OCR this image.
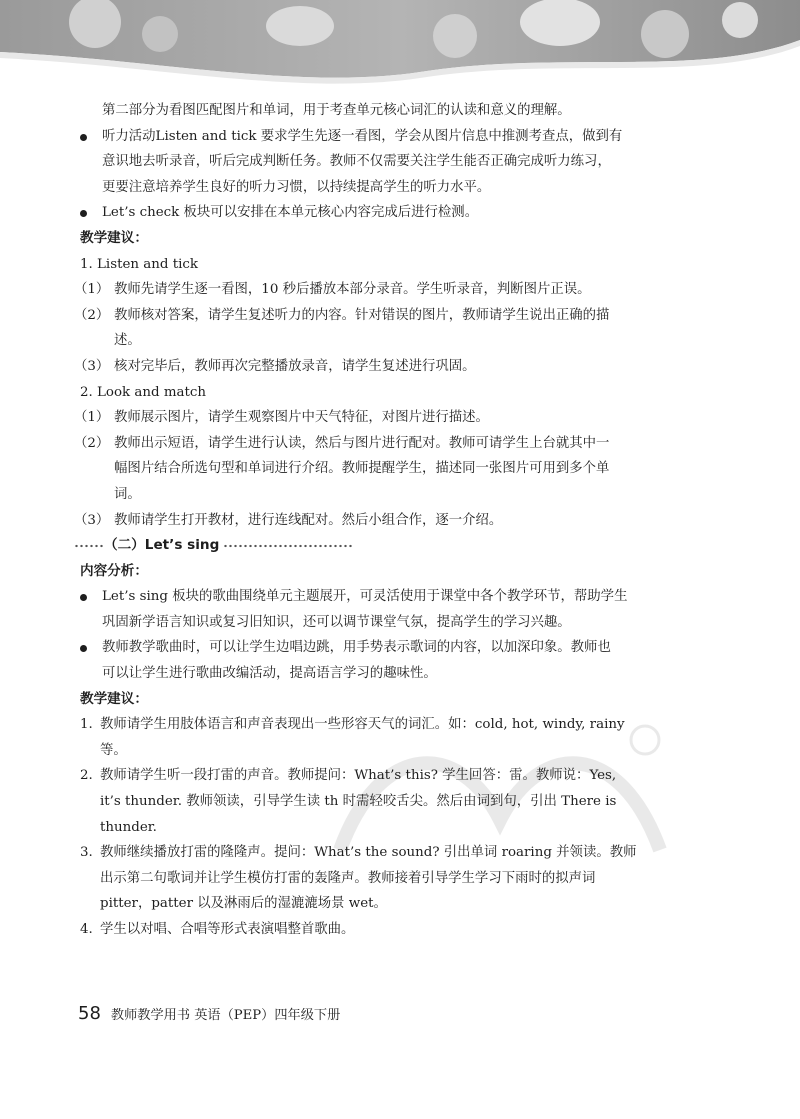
第二部分为看图匹配图片和单词，用于考查单元核心词汇的认读和意义的理解。
听力活动Listen and tick 要求学生先逐一看图，学会从图片信息中推测考查点，做到有
意识地去听录音，听后完成判断任务。教师不仅需要关注学生能否正确完成听力练习，
更要注意培养学生良好的听力习惯，以持续提高学生的听力水平。
Let’s check 板块可以安排在本单元核心内容完成后进行检测。
教学建议：
1. Listen and tick
（1） 教师先请学生逐一看图，10 秒后播放本部分录音。学生听录音，判断图片正误。
（2） 教师核对答案，请学生复述听力的内容。针对错误的图片，教师请学生说出正确的描
述。
（3） 核对完毕后，教师再次完整播放录音，请学生复述进行巩固。
2. Look and match
（1） 教师展示图片，请学生观察图片中天气特征，对图片进行描述。
（2） 教师出示短语，请学生进行认读，然后与图片进行配对。教师可请学生上台就其中一
幅图片结合所选句型和单词进行介绍。教师提醒学生，描述同一张图片可用到多个单
词。
（3） 教师请学生打开教材，进行连线配对。然后小组合作，逐一介绍。
（二）Let’s sing
内容分析：
Let’s sing 板块的歌曲围绕单元主题展开，可灵活使用于课堂中各个教学环节，帮助学生
巩固新学语言知识或复习旧知识，还可以调节课堂气氛，提高学生的学习兴趣。
教师教学歌曲时，可以让学生边唱边跳，用手势表示歌词的内容，以加深印象。教师也
可以让学生进行歌曲改编活动，提高语言学习的趣味性。
教学建议：
1. 教师请学生用肢体语言和声音表现出一些形容天气的词汇。如：cold, hot, windy, rainy
等。
2. 教师请学生听一段打雷的声音。教师提问：What’s this? 学生回答：雷。教师说：Yes,
it’s thunder. 教师领读，引导学生读 th 时需轻咬舌尖。然后由词到句，引出 There is
thunder.
3. 教师继续播放打雷的隆隆声。提问：What’s the sound? 引出单词 roaring 并领读。教师
出示第二句歌词并让学生模仿打雷的轰隆声。教师接着引导学生学习下雨时的拟声词
pitter，patter 以及淋雨后的湿漉漉场景 wet。
4. 学生以对唱、合唱等形式表演唱整首歌曲。
58 教师教学用书 英语（PEP）四年级下册
